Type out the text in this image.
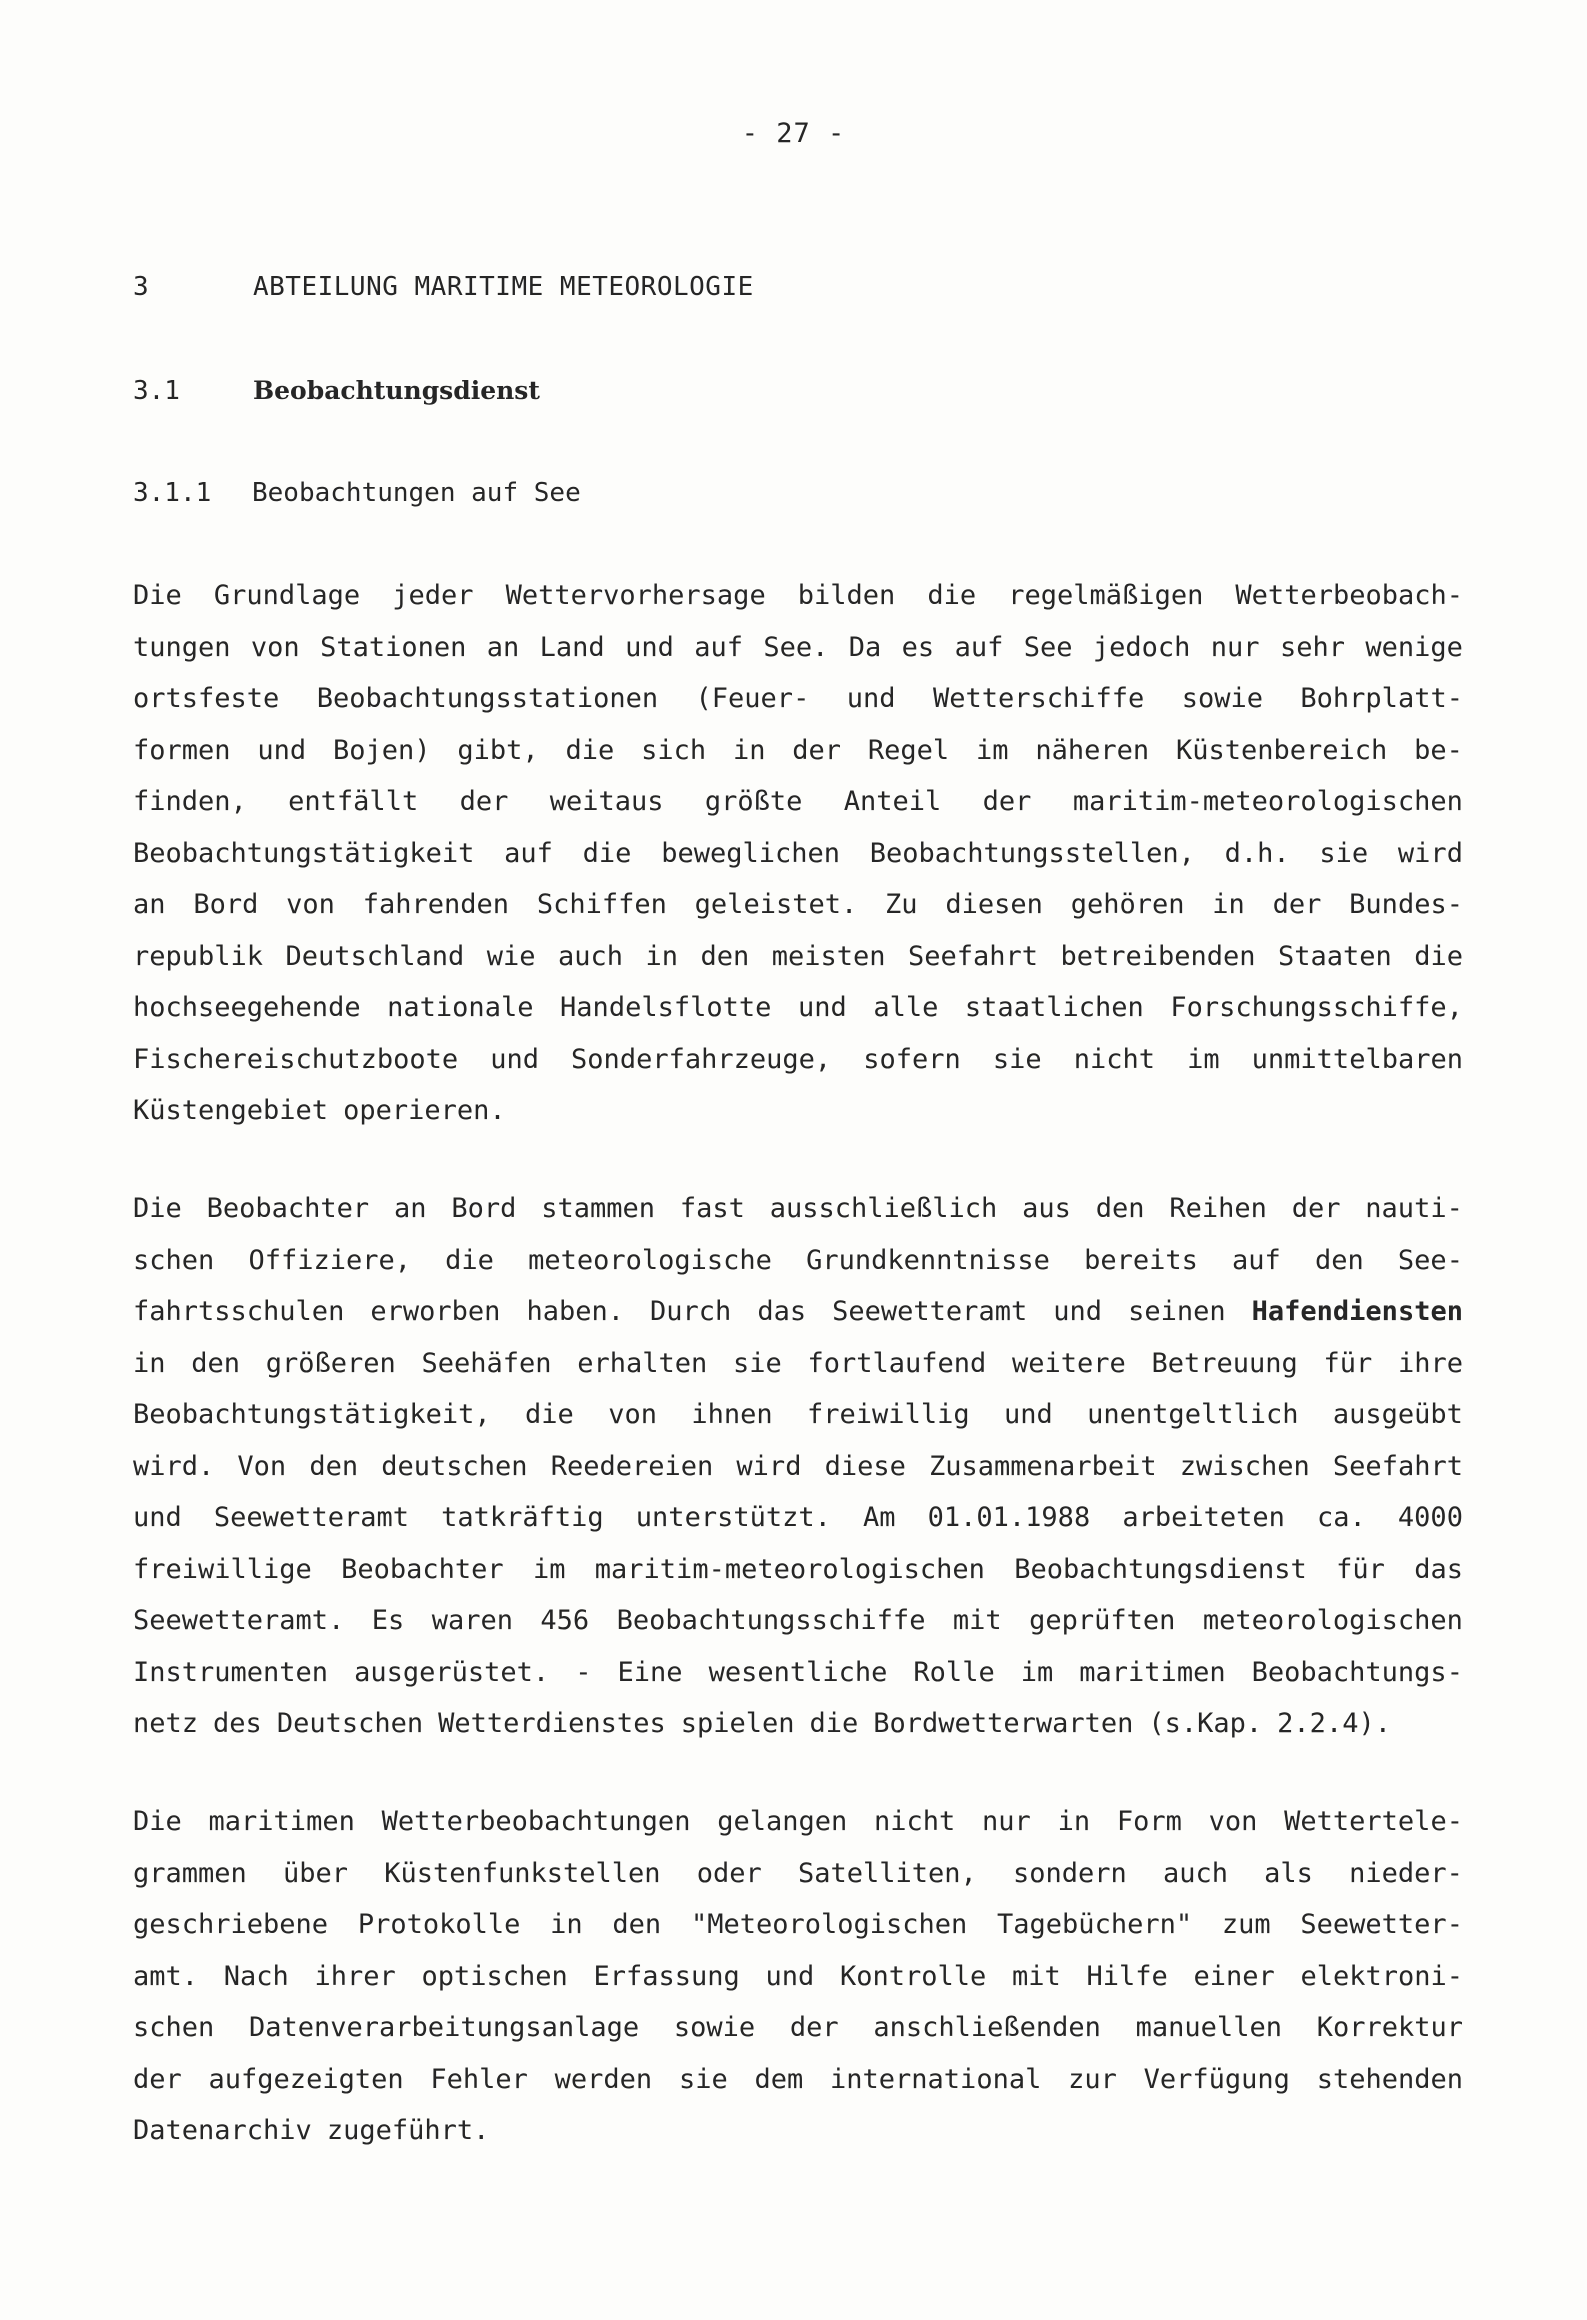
- 27 -
3	ABTEILUNG MARITIME METEOROLOGIE
3.1	Beobachtungsdienst
3.1.1 Beobachtungen auf See
Die Grundlage jeder Wettervorhersage bilden die regelmäßigen Wetterbeobach-
tungen von Stationen an Land und auf See. Da es auf See jedoch nur sehr wenige
ortsfeste Beobachtungsstationen (Feuer- und Wetterschiffe sowie Bohrplatt-
formen und Bojen) gibt, die sich in der Regel im näheren Küstenbereich be-
finden, entfällt der weitaus größte Anteil der maritim-meteorologischen
Beobachtungstätigkeit auf die beweglichen Beobachtungsstellen, d.h. sie wird
an Bord von fahrenden Schiffen geleistet. Zu diesen gehören in der Bundes-
republik Deutschland wie auch in den meisten Seefahrt betreibenden Staaten die
hochseegehende nationale Handelsflotte und alle staatlichen Forschungsschiffe,
Fischereischutzboote und Sonderfahrzeuge, sofern sie nicht im unmittelbaren
Küstengebiet operieren.
Die Beobachter an Bord stammen fast ausschließlich aus den Reihen der nauti-
schen Offiziere, die meteorologische Grundkenntnisse bereits auf den See-
fahrtsschulen erworben haben. Durch das Seewetteramt und seinen Hafendiensten
in den größeren Seehäfen erhalten sie fortlaufend weitere Betreuung für ihre
Beobachtungstätigkeit, die von ihnen freiwillig und unentgeltlich ausgeübt
wird. Von den deutschen Reedereien wird diese Zusammenarbeit zwischen Seefahrt
und Seewetteramt tatkräftig unterstützt. Am 01.01.1988 arbeiteten ca. 4000
freiwillige Beobachter im maritim-meteorologischen Beobachtungsdienst für das
Seewetteramt. Es waren 456 Beobachtungsschiffe mit geprüften meteorologischen
Instrumenten ausgerüstet. - Eine wesentliche Rolle im maritimen Beobachtungs-
netz des Deutschen Wetterdienstes spielen die Bordwetterwarten (s.Kap. 2.2.4).
Die maritimen Wetterbeobachtungen gelangen nicht nur in Form von Wettertele-
grammen über Küstenfunkstellen oder Satelliten, sondern auch als nieder-
geschriebene Protokolle in den "Meteorologischen Tagebüchern" zum Seewetter-
amt. Nach ihrer optischen Erfassung und Kontrolle mit Hilfe einer elektroni-
schen Datenverarbeitungsanlage sowie der anschließenden manuellen Korrektur
der aufgezeigten Fehler werden sie dem international zur Verfügung stehenden
Datenarchiv zugeführt.
